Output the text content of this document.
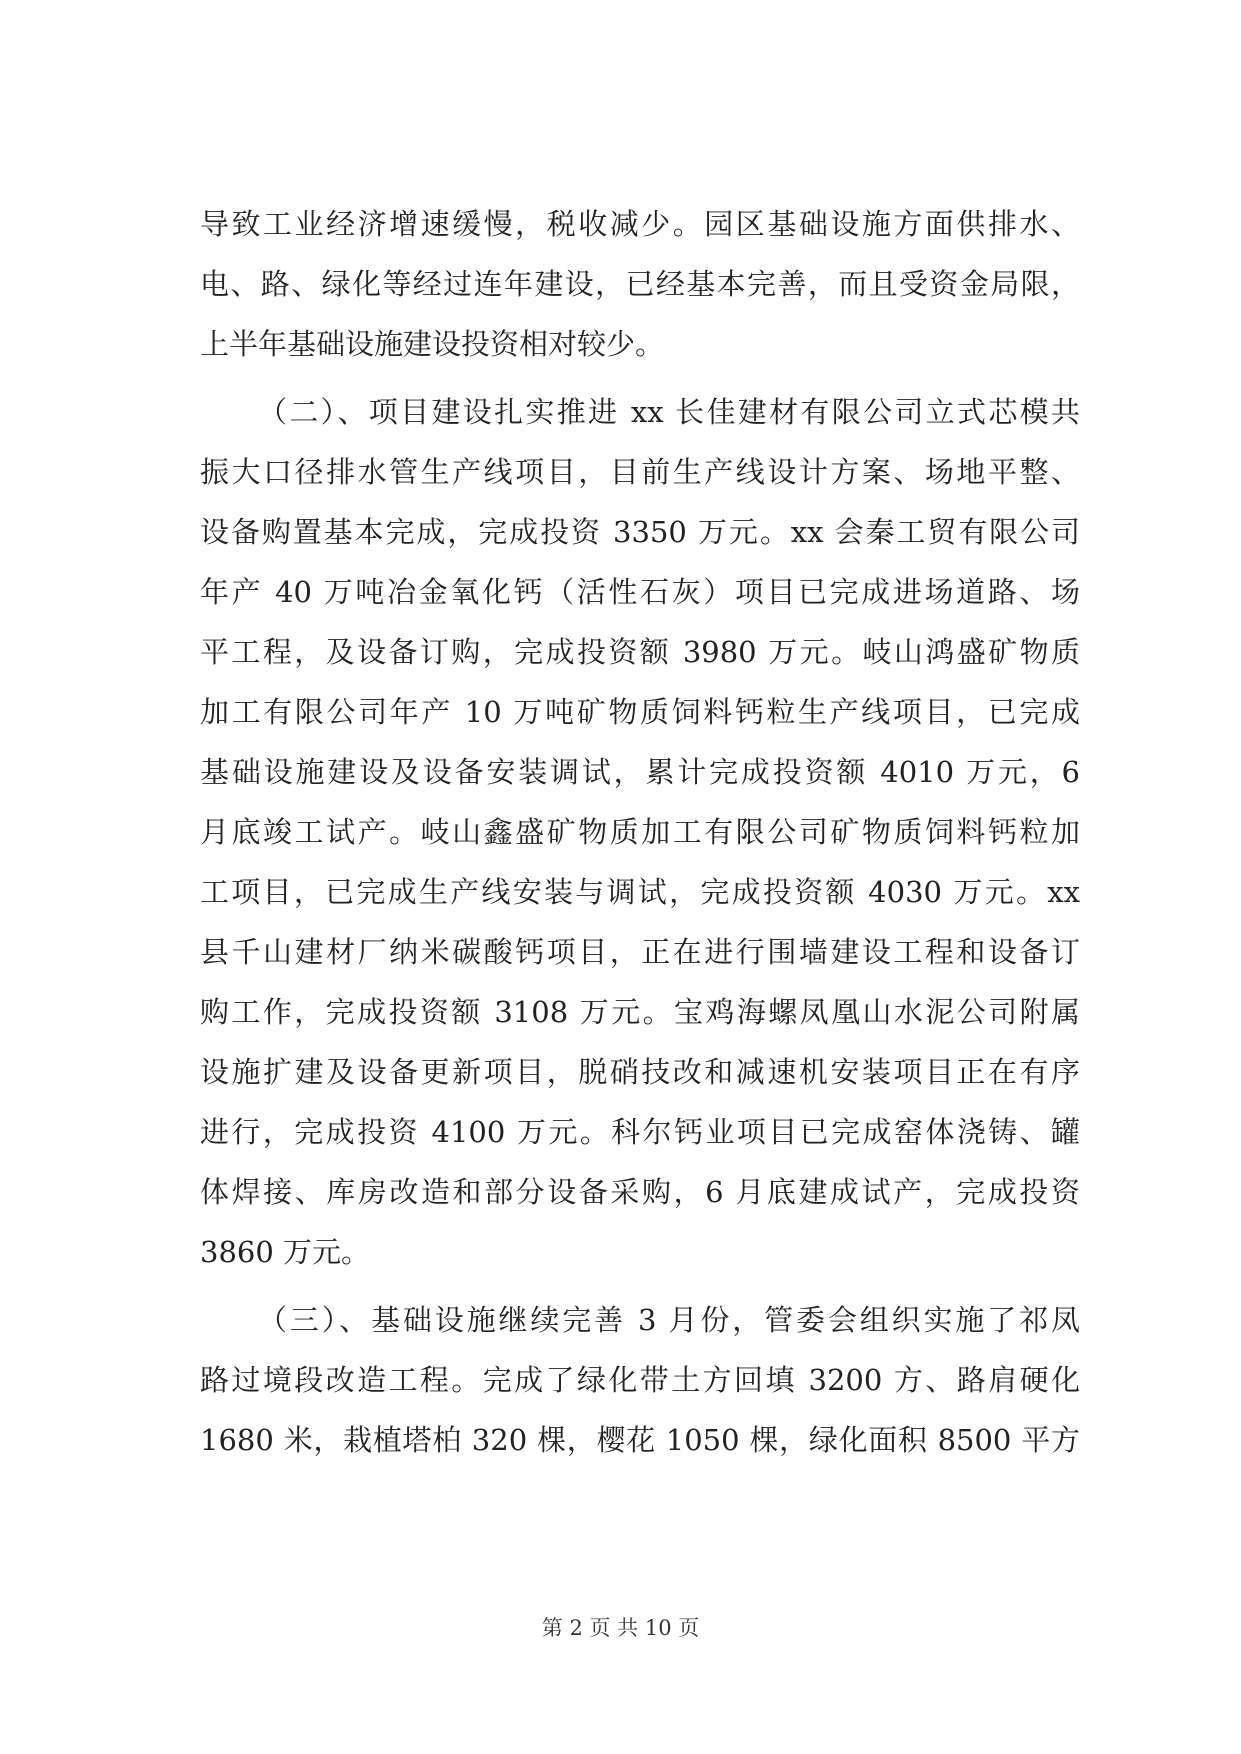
导致工业经济增速缓慢，税收减少。园区基础设施方面供排水、
电、路、绿化等经过连年建设，已经基本完善，而且受资金局限，
上半年基础设施建设投资相对较少。
（二）、项目建设扎实推进 xx 长佳建材有限公司立式芯模共
振大口径排水管生产线项目，目前生产线设计方案、场地平整、
设备购置基本完成，完成投资 3350 万元。xx 会秦工贸有限公司
年产 40 万吨冶金氧化钙（活性石灰）项目已完成进场道路、场
平工程，及设备订购，完成投资额 3980 万元。岐山鸿盛矿物质
加工有限公司年产 10 万吨矿物质饲料钙粒生产线项目，已完成
基础设施建设及设备安装调试，累计完成投资额 4010 万元，6
月底竣工试产。岐山鑫盛矿物质加工有限公司矿物质饲料钙粒加
工项目，已完成生产线安装与调试，完成投资额 4030 万元。xx
县千山建材厂纳米碳酸钙项目，正在进行围墙建设工程和设备订
购工作，完成投资额 3108 万元。宝鸡海螺凤凰山水泥公司附属
设施扩建及设备更新项目，脱硝技改和减速机安装项目正在有序
进行，完成投资 4100 万元。科尔钙业项目已完成窑体浇铸、罐
体焊接、库房改造和部分设备采购，6 月底建成试产，完成投资
3860 万元。
（三）、基础设施继续完善 3 月份，管委会组织实施了祁凤
路过境段改造工程。完成了绿化带土方回填 3200 方、路肩硬化
1680 米，栽植塔柏 320 棵，樱花 1050 棵，绿化面积 8500 平方
第 2 页 共 10 页
